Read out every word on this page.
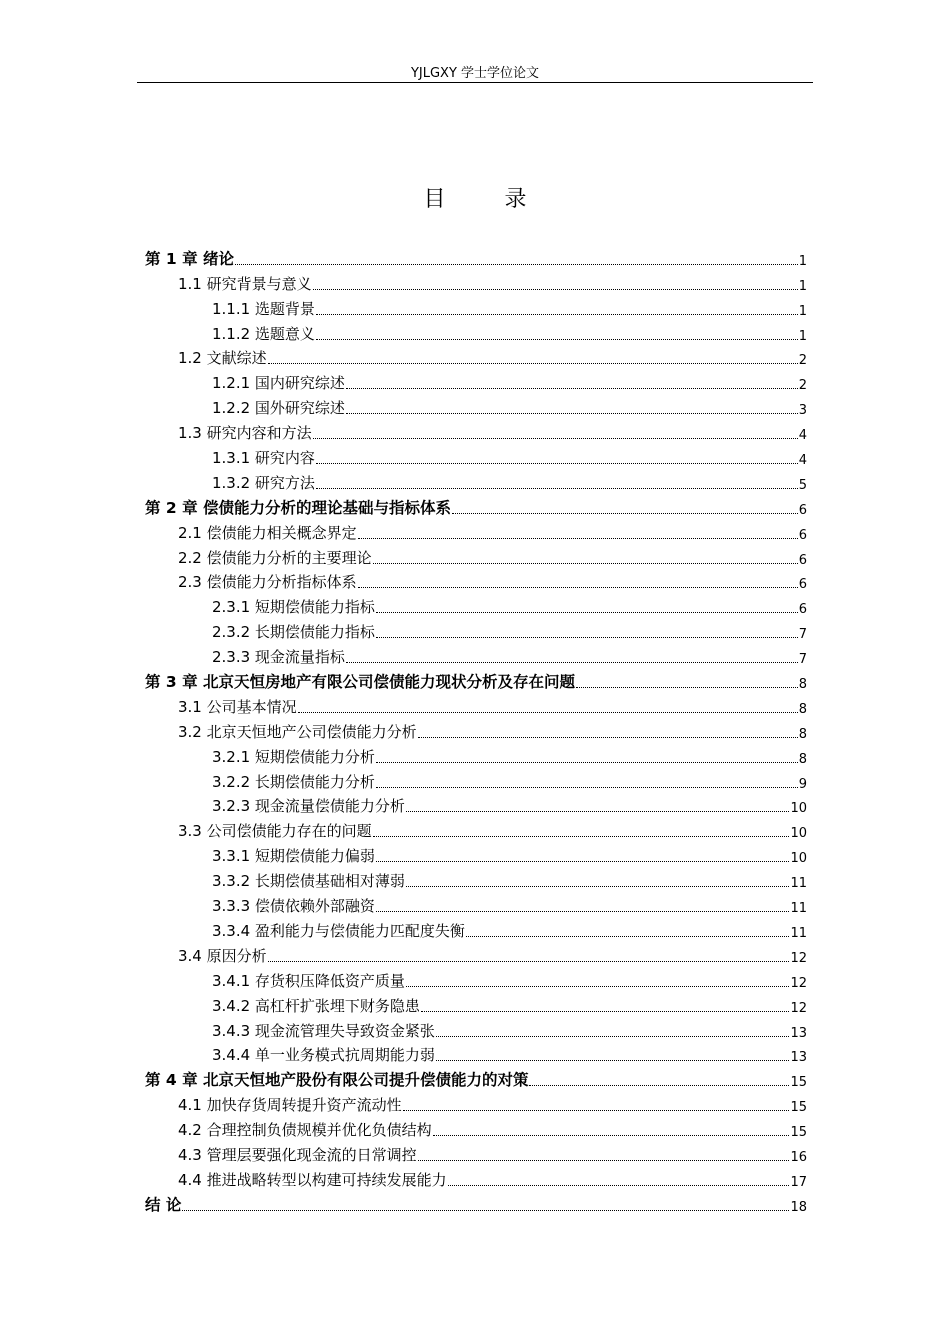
YJLGXY 学士学位论文
目 录
第 1 章 绪论	1
1.1 研究背景与意义	1
1.1.1 选题背景	1
1.1.2 选题意义	1
1.2 文献综述	2
1.2.1 国内研究综述	2
1.2.2 国外研究综述	3
1.3 研究内容和方法	4
1.3.1 研究内容	4
1.3.2 研究方法	5
第 2 章 偿债能力分析的理论基础与指标体系	6
2.1 偿债能力相关概念界定	6
2.2 偿债能力分析的主要理论	6
2.3 偿债能力分析指标体系	6
2.3.1 短期偿债能力指标	6
2.3.2 长期偿债能力指标	7
2.3.3 现金流量指标	7
第 3 章 北京天恒房地产有限公司偿债能力现状分析及存在问题	8
3.1 公司基本情况	8
3.2 北京天恒地产公司偿债能力分析	8
3.2.1 短期偿债能力分析	8
3.2.2 长期偿债能力分析	9
3.2.3 现金流量偿债能力分析	10
3.3 公司偿债能力存在的问题	10
3.3.1 短期偿债能力偏弱	10
3.3.2 长期偿债基础相对薄弱	11
3.3.3 偿债依赖外部融资	11
3.3.4 盈利能力与偿债能力匹配度失衡	11
3.4 原因分析	12
3.4.1 存货积压降低资产质量	12
3.4.2 高杠杆扩张埋下财务隐患	12
3.4.3 现金流管理失导致资金紧张	13
3.4.4 单一业务模式抗周期能力弱	13
第 4 章 北京天恒地产股份有限公司提升偿债能力的对策	15
4.1 加快存货周转提升资产流动性	15
4.2 合理控制负债规模并优化负债结构	15
4.3 管理层要强化现金流的日常调控	16
4.4 推进战略转型以构建可持续发展能力	17
结 论	18
